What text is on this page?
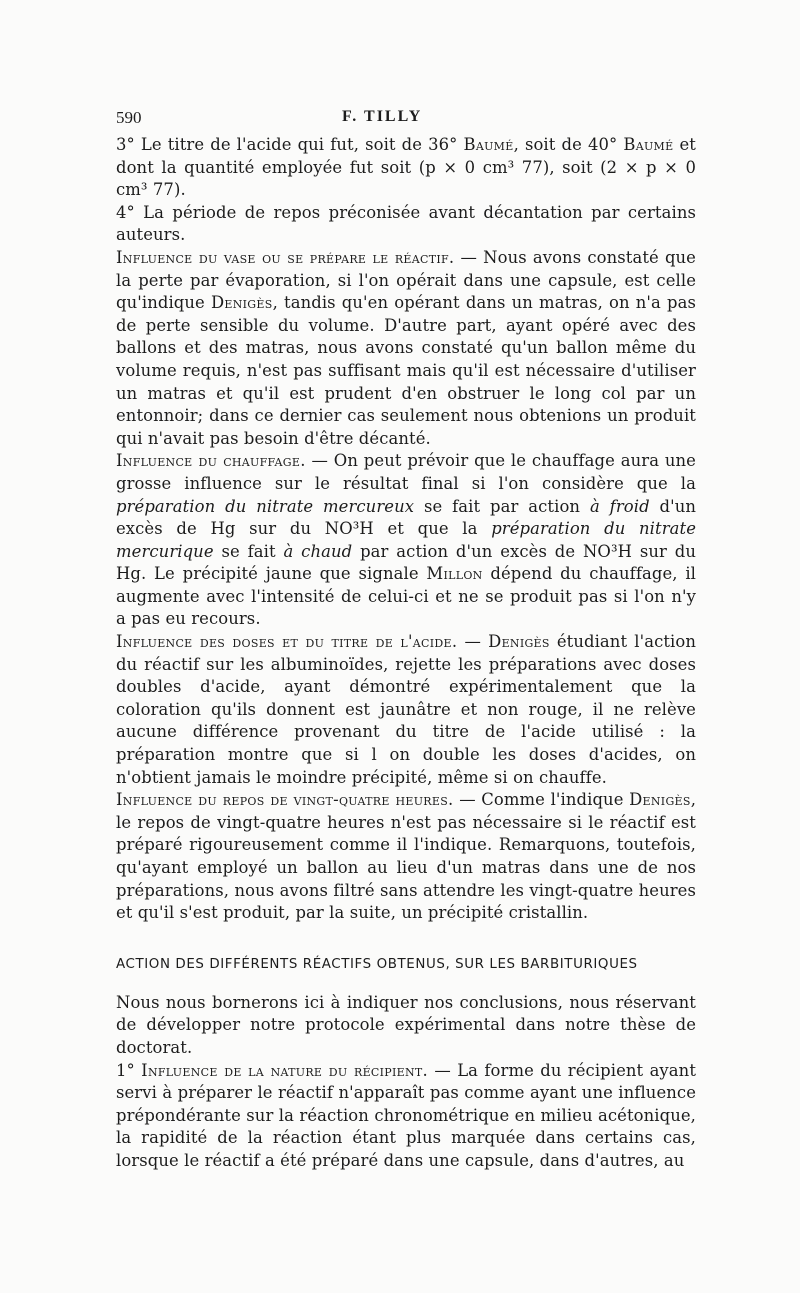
590	F. TILLY

3° Le titre de l'acide qui fut, soit de 36° Baumé, soit de 40° Baumé et dont la quantité employée fut soit (p × 0 cm³ 77), soit (2 × p × 0 cm³ 77).

4° La période de repos préconisée avant décantation par certains auteurs.

Influence du vase ou se prépare le réactif. — Nous avons constaté que la perte par évaporation, si l'on opérait dans une capsule, est celle qu'indique Denigès, tandis qu'en opérant dans un matras, on n'a pas de perte sensible du volume. D'autre part, ayant opéré avec des ballons et des matras, nous avons constaté qu'un ballon même du volume requis, n'est pas suffisant mais qu'il est nécessaire d'utiliser un matras et qu'il est prudent d'en obstruer le long col par un entonnoir; dans ce dernier cas seulement nous obtenions un produit qui n'avait pas besoin d'être décanté.

Influence du chauffage. — On peut prévoir que le chauffage aura une grosse influence sur le résultat final si l'on considère que la préparation du nitrate mercureux se fait par action à froid d'un excès de Hg sur du NO³H et que la préparation du nitrate mercurique se fait à chaud par action d'un excès de NO³H sur du Hg. Le précipité jaune que signale Millon dépend du chauffage, il augmente avec l'intensité de celui-ci et ne se produit pas si l'on n'y a pas eu recours.

Influence des doses et du titre de l'acide. — Denigès étudiant l'action du réactif sur les albuminoïdes, rejette les préparations avec doses doubles d'acide, ayant démontré expérimentalement que la coloration qu'ils donnent est jaunâtre et non rouge, il ne relève aucune différence provenant du titre de l'acide utilisé : la préparation montre que si l on double les doses d'acides, on n'obtient jamais le moindre précipité, même si on chauffe.

Influence du repos de vingt-quatre heures. — Comme l'indique Denigès, le repos de vingt-quatre heures n'est pas nécessaire si le réactif est préparé rigoureusement comme il l'indique. Remarquons, toutefois, qu'ayant employé un ballon au lieu d'un matras dans une de nos préparations, nous avons filtré sans attendre les vingt-quatre heures et qu'il s'est produit, par la suite, un précipité cristallin.

ACTION DES DIFFÉRENTS RÉACTIFS OBTENUS, SUR LES BARBITURIQUES

Nous nous bornerons ici à indiquer nos conclusions, nous réservant de développer notre protocole expérimental dans notre thèse de doctorat.

1° Influence de la nature du récipient. — La forme du récipient ayant servi à préparer le réactif n'apparaît pas comme ayant une influence prépondérante sur la réaction chronométrique en milieu acétonique, la rapidité de la réaction étant plus marquée dans certains cas, lorsque le réactif a été préparé dans une capsule, dans d'autres, au
